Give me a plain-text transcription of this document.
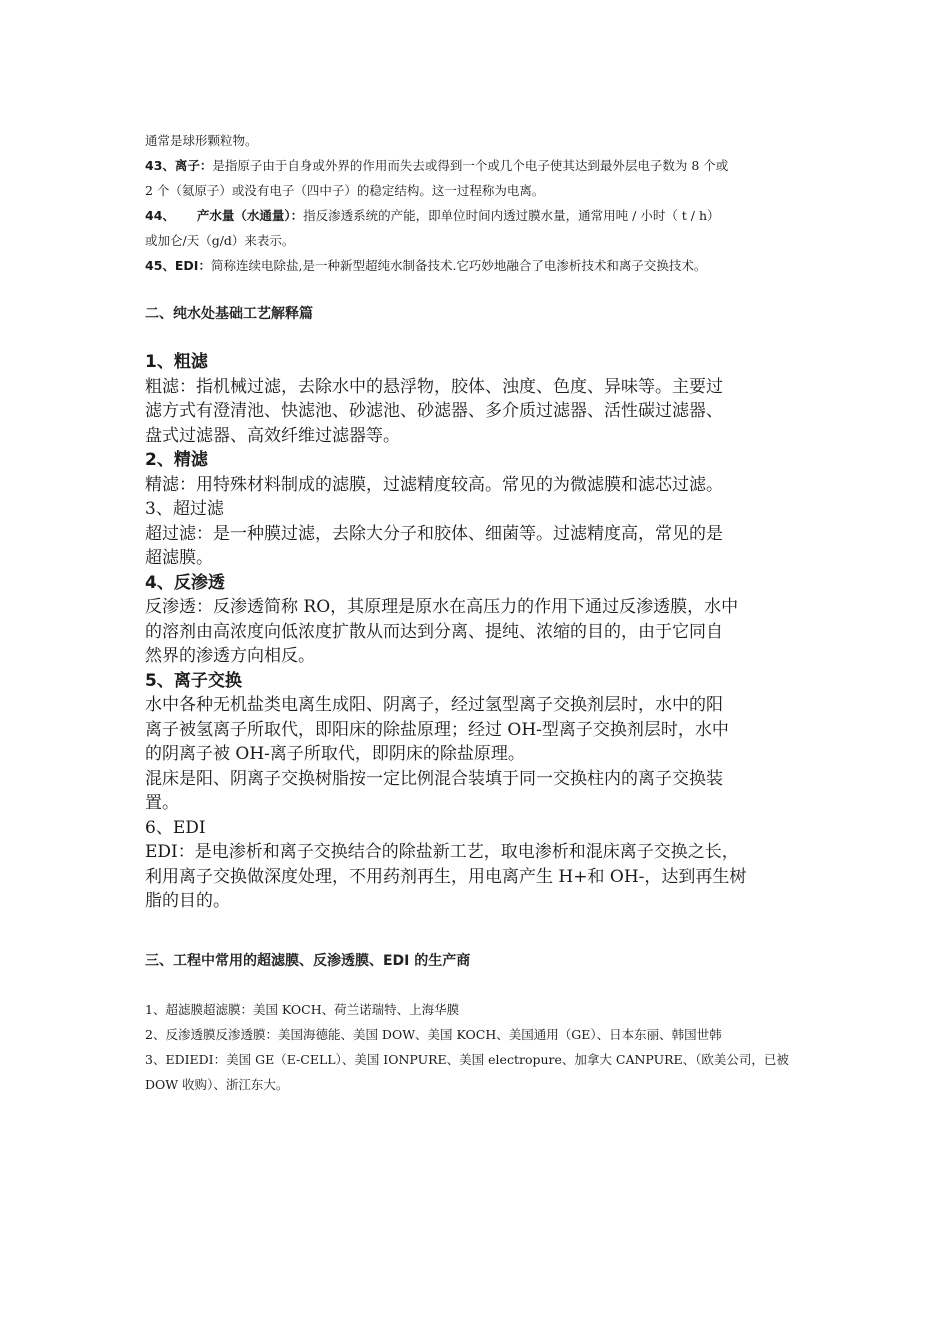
通常是球形颗粒物。
43、离子：是指原子由于自身或外界的作用而失去或得到一个或几个电子使其达到最外层电子数为 8 个或
2 个（氦原子）或没有电子（四中子）的稳定结构。这一过程称为电离。
44、 产水量（水通量）：指反渗透系统的产能，即单位时间内透过膜水量，通常用吨 / 小时（ t / h）
或加仑/天（g/d）来表示。
45、EDI：简称连续电除盐,是一种新型超纯水制备技术.它巧妙地融合了电渗析技术和离子交换技术。
二、纯水处基础工艺解释篇
1、粗滤
粗滤：指机械过滤，去除水中的悬浮物，胶体、浊度、色度、异味等。主要过
滤方式有澄清池、快滤池、砂滤池、砂滤器、多介质过滤器、活性碳过滤器、
盘式过滤器、高效纤维过滤器等。
2、精滤
精滤：用特殊材料制成的滤膜，过滤精度较高。常见的为微滤膜和滤芯过滤。
3、超过滤
超过滤：是一种膜过滤，去除大分子和胶体、细菌等。过滤精度高，常见的是
超滤膜。
4、反渗透
反渗透：反渗透简称 RO，其原理是原水在高压力的作用下通过反渗透膜，水中
的溶剂由高浓度向低浓度扩散从而达到分离、提纯、浓缩的目的，由于它同自
然界的渗透方向相反。
5、离子交换
水中各种无机盐类电离生成阳、阴离子，经过氢型离子交换剂层时，水中的阳
离子被氢离子所取代，即阳床的除盐原理；经过 OH-型离子交换剂层时，水中
的阴离子被 OH-离子所取代，即阴床的除盐原理。
混床是阳、阴离子交换树脂按一定比例混合装填于同一交换柱内的离子交换装
置。
6、EDI
EDI：是电渗析和离子交换结合的除盐新工艺，取电渗析和混床离子交换之长，
利用离子交换做深度处理，不用药剂再生，用电离产生 H+和 OH-，达到再生树
脂的目的。
三、工程中常用的超滤膜、反渗透膜、EDI 的生产商
1、超滤膜超滤膜：美国 KOCH、荷兰诺瑞特、上海华膜
2、反渗透膜反渗透膜：美国海德能、美国 DOW、美国 KOCH、美国通用（GE）、日本东丽、韩国世韩
3、EDIEDI：美国 GE（E-CELL）、美国 IONPURE、美国 electropure、加拿大 CANPURE、（欧美公司，已被
DOW 收购）、浙江东大。
